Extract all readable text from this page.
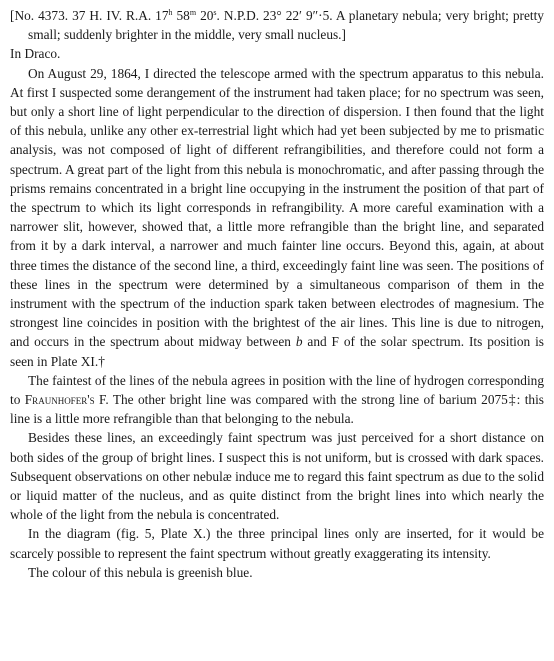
[No. 4373. 37 H. IV. R.A. 17$^h$ 58$^m$ 20$^s$. N.P.D. 23° 22′ 9″·5. A planetary nebula; very bright; pretty small; suddenly brighter in the middle, very small nucleus.]

In Draco.

On August 29, 1864, I directed the telescope armed with the spectrum apparatus to this nebula. At first I suspected some derangement of the instrument had taken place; for no spectrum was seen, but only a short line of light perpendicular to the direction of dispersion. I then found that the light of this nebula, unlike any other ex-terrestrial light which had yet been subjected by me to prismatic analysis, was not composed of light of different refrangibilities, and therefore could not form a spectrum. A great part of the light from this nebula is monochromatic, and after passing through the prisms remains concentrated in a bright line occupying in the instrument the position of that part of the spectrum to which its light corresponds in refrangibility. A more careful examination with a narrower slit, however, showed that, a little more refrangible than the bright line, and separated from it by a dark interval, a narrower and much fainter line occurs. Beyond this, again, at about three times the distance of the second line, a third, exceedingly faint line was seen. The positions of these lines in the spectrum were determined by a simultaneous comparison of them in the instrument with the spectrum of the induction spark taken between electrodes of magnesium. The strongest line coincides in position with the brightest of the air lines. This line is due to nitrogen, and occurs in the spectrum about midway between b and F of the solar spectrum. Its position is seen in Plate XI.†

The faintest of the lines of the nebula agrees in position with the line of hydrogen corresponding to Fraunhofer's F. The other bright line was compared with the strong line of barium 2075‡: this line is a little more refrangible than that belonging to the nebula.

Besides these lines, an exceedingly faint spectrum was just perceived for a short distance on both sides of the group of bright lines. I suspect this is not uniform, but is crossed with dark spaces. Subsequent observations on other nebulæ induce me to regard this faint spectrum as due to the solid or liquid matter of the nucleus, and as quite distinct from the bright lines into which nearly the whole of the light from the nebula is concentrated.

In the diagram (fig. 5, Plate X.) the three principal lines only are inserted, for it would be scarcely possible to represent the faint spectrum without greatly exaggerating its intensity.

The colour of this nebula is greenish blue.
